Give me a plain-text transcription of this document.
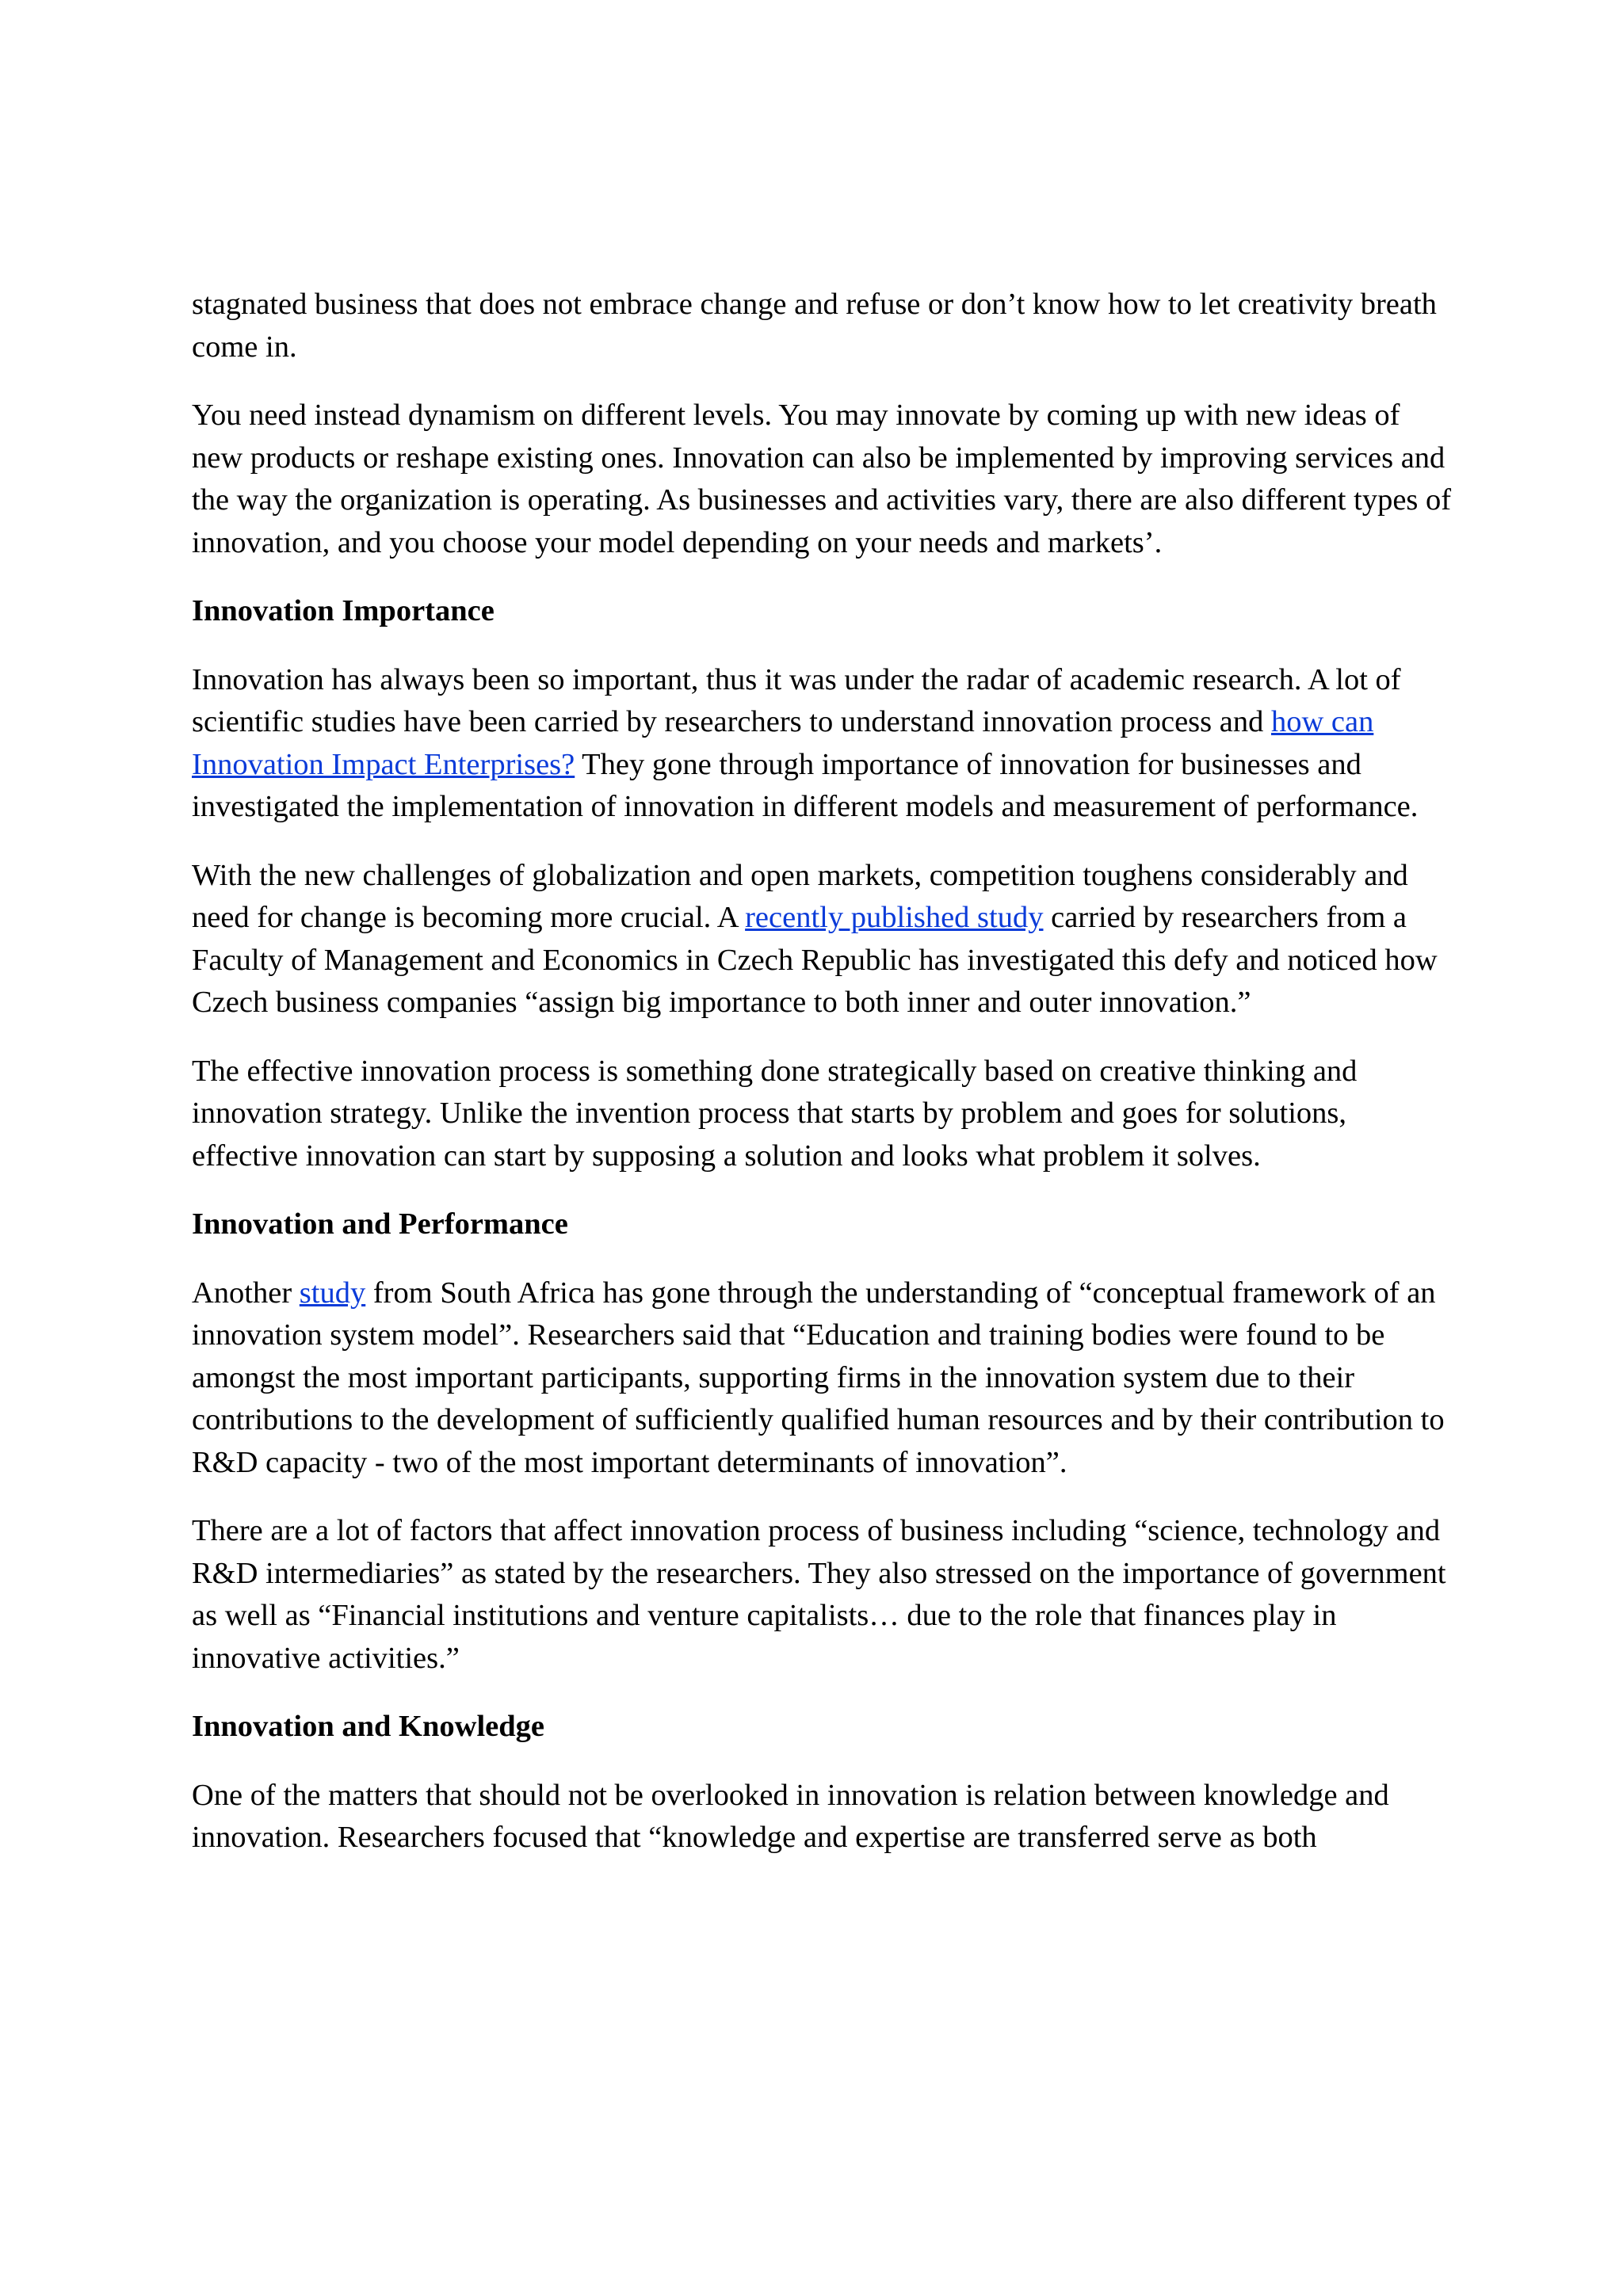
stagnated business that does not embrace change and refuse or don’t know how to let creativity breath come in.

You need instead dynamism on different levels. You may innovate by coming up with new ideas of new products or reshape existing ones. Innovation can also be implemented by improving services and the way the organization is operating. As businesses and activities vary, there are also different types of innovation, and you choose your model depending on your needs and markets’.

Innovation Importance

Innovation has always been so important, thus it was under the radar of academic research. A lot of scientific studies have been carried by researchers to understand innovation process and how can Innovation Impact Enterprises? They gone through importance of innovation for businesses and investigated the implementation of innovation in different models and measurement of performance.

With the new challenges of globalization and open markets, competition toughens considerably and need for change is becoming more crucial. A recently published study carried by researchers from a Faculty of Management and Economics in Czech Republic has investigated this defy and noticed how Czech business companies “assign big importance to both inner and outer innovation.”

The effective innovation process is something done strategically based on creative thinking and innovation strategy. Unlike the invention process that starts by problem and goes for solutions, effective innovation can start by supposing a solution and looks what problem it solves.

Innovation and Performance

Another study from South Africa has gone through the understanding of “conceptual framework of an innovation system model”. Researchers said that “Education and training bodies were found to be amongst the most important participants, supporting firms in the innovation system due to their contributions to the development of sufficiently qualified human resources and by their contribution to R&D capacity - two of the most important determinants of innovation”.

There are a lot of factors that affect innovation process of business including “science, technology and R&D intermediaries” as stated by the researchers. They also stressed on the importance of government as well as “Financial institutions and venture capitalists… due to the role that finances play in innovative activities.”

Innovation and Knowledge

One of the matters that should not be overlooked in innovation is relation between knowledge and innovation. Researchers focused that “knowledge and expertise are transferred serve as both
